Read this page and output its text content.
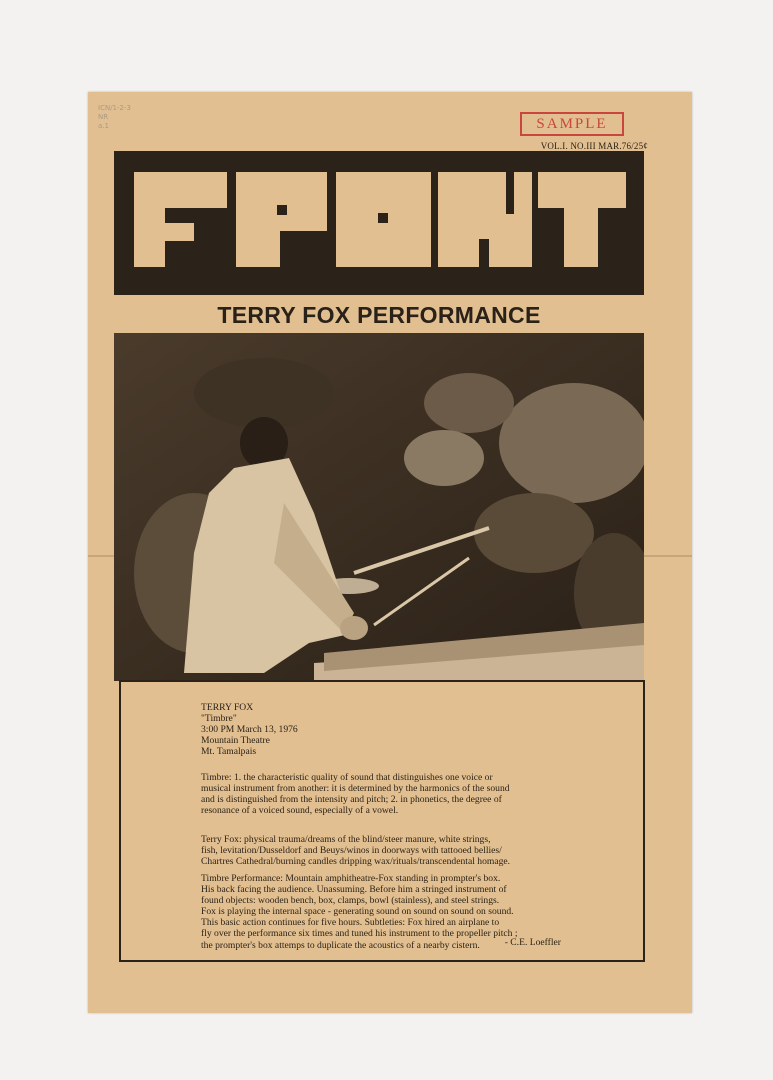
ICN/1-2-3
NR
a.1	SAMPLE
VOL.I. NO.III MAR.76/25¢
TERRY FOX PERFORMANCE
TERRY FOX
"Timbre"
3:00 PM March 13, 1976
Mountain Theatre
Mt. Tamalpais
Timbre: 1. the characteristic quality of sound that distinguishes one voice or
musical instrument from another: it is determined by the harmonics of the sound
and is distinguished from the intensity and pitch; 2. in phonetics, the degree of
resonance of a voiced sound, especially of a vowel.
Terry Fox: physical trauma/dreams of the blind/steer manure, white strings,
fish, levitation/Dusseldorf and Beuys/winos in doorways with tattooed bellies/
Chartres Cathedral/burning candles dripping wax/rituals/transcendental homage.
Timbre Performance: Mountain amphitheatre-Fox standing in prompter's box.
His back facing the audience. Unassuming. Before him a stringed instrument of
found objects: wooden bench, box, clamps, bowl (stainless), and steel strings.
Fox is playing the internal space - generating sound on sound on sound on sound.
This basic action continues for five hours. Subtleties: Fox hired an airplane to
fly over the performance six times and tuned his instrument to the propeller pitch ;
the prompter's box attemps to duplicate the acoustics of a nearby cistern.	- C.E. Loeffler
